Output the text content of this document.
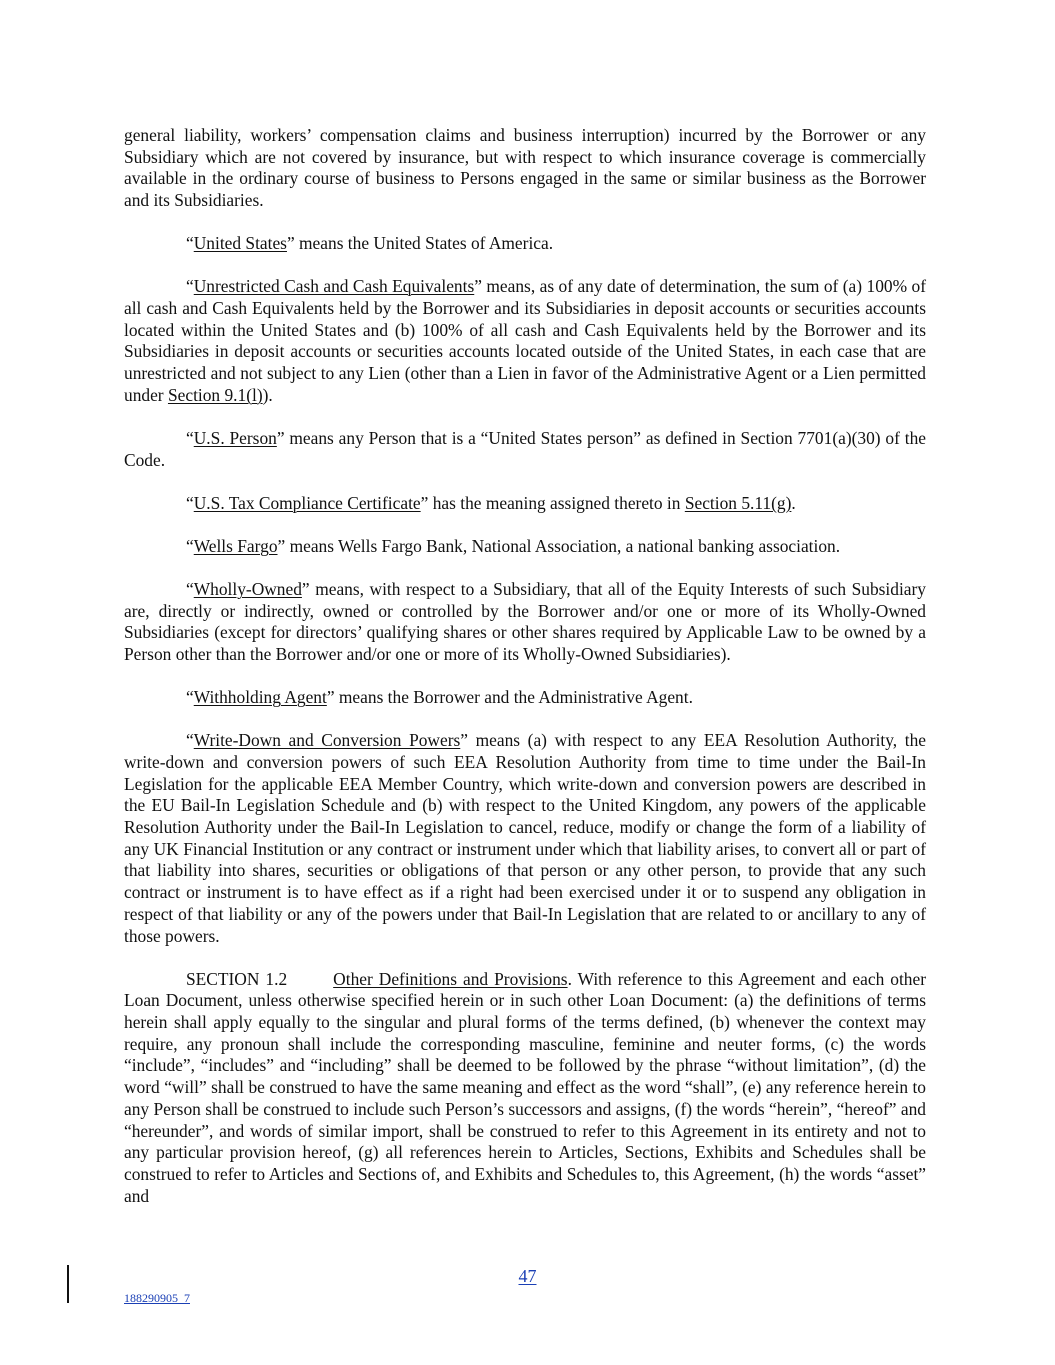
general liability, workers’ compensation claims and business interruption) incurred by the Borrower or any Subsidiary which are not covered by insurance, but with respect to which insurance coverage is commercially available in the ordinary course of business to Persons engaged in the same or similar business as the Borrower and its Subsidiaries.

“United States” means the United States of America.

“Unrestricted Cash and Cash Equivalents” means, as of any date of determination, the sum of (a) 100% of all cash and Cash Equivalents held by the Borrower and its Subsidiaries in deposit accounts or securities accounts located within the United States and (b) 100% of all cash and Cash Equivalents held by the Borrower and its Subsidiaries in deposit accounts or securities accounts located outside of the United States, in each case that are unrestricted and not subject to any Lien (other than a Lien in favor of the Administrative Agent or a Lien permitted under Section 9.1(l)).

“U.S. Person” means any Person that is a “United States person” as defined in Section 7701(a)(30) of the Code.

“U.S. Tax Compliance Certificate” has the meaning assigned thereto in Section 5.11(g).

“Wells Fargo” means Wells Fargo Bank, National Association, a national banking association.

“Wholly-Owned” means, with respect to a Subsidiary, that all of the Equity Interests of such Subsidiary are, directly or indirectly, owned or controlled by the Borrower and/or one or more of its Wholly-Owned Subsidiaries (except for directors’ qualifying shares or other shares required by Applicable Law to be owned by a Person other than the Borrower and/or one or more of its Wholly-Owned Subsidiaries).

“Withholding Agent” means the Borrower and the Administrative Agent.

“Write-Down and Conversion Powers” means (a) with respect to any EEA Resolution Authority, the write-down and conversion powers of such EEA Resolution Authority from time to time under the Bail-In Legislation for the applicable EEA Member Country, which write-down and conversion powers are described in the EU Bail-In Legislation Schedule and (b) with respect to the United Kingdom, any powers of the applicable Resolution Authority under the Bail-In Legislation to cancel, reduce, modify or change the form of a liability of any UK Financial Institution or any contract or instrument under which that liability arises, to convert all or part of that liability into shares, securities or obligations of that person or any other person, to provide that any such contract or instrument is to have effect as if a right had been exercised under it or to suspend any obligation in respect of that liability or any of the powers under that Bail-In Legislation that are related to or ancillary to any of those powers.

SECTION 1.2	Other Definitions and Provisions. With reference to this Agreement and each other Loan Document, unless otherwise specified herein or in such other Loan Document: (a) the definitions of terms herein shall apply equally to the singular and plural forms of the terms defined, (b) whenever the context may require, any pronoun shall include the corresponding masculine, feminine and neuter forms, (c) the words “include”, “includes” and “including” shall be deemed to be followed by the phrase “without limitation”, (d) the word “will” shall be construed to have the same meaning and effect as the word “shall”, (e) any reference herein to any Person shall be construed to include such Person’s successors and assigns, (f) the words “herein”, “hereof” and “hereunder”, and words of similar import, shall be construed to refer to this Agreement in its entirety and not to any particular provision hereof, (g) all references herein to Articles, Sections, Exhibits and Schedules shall be construed to refer to Articles and Sections of, and Exhibits and Schedules to, this Agreement, (h) the words “asset” and

47
188290905_7
